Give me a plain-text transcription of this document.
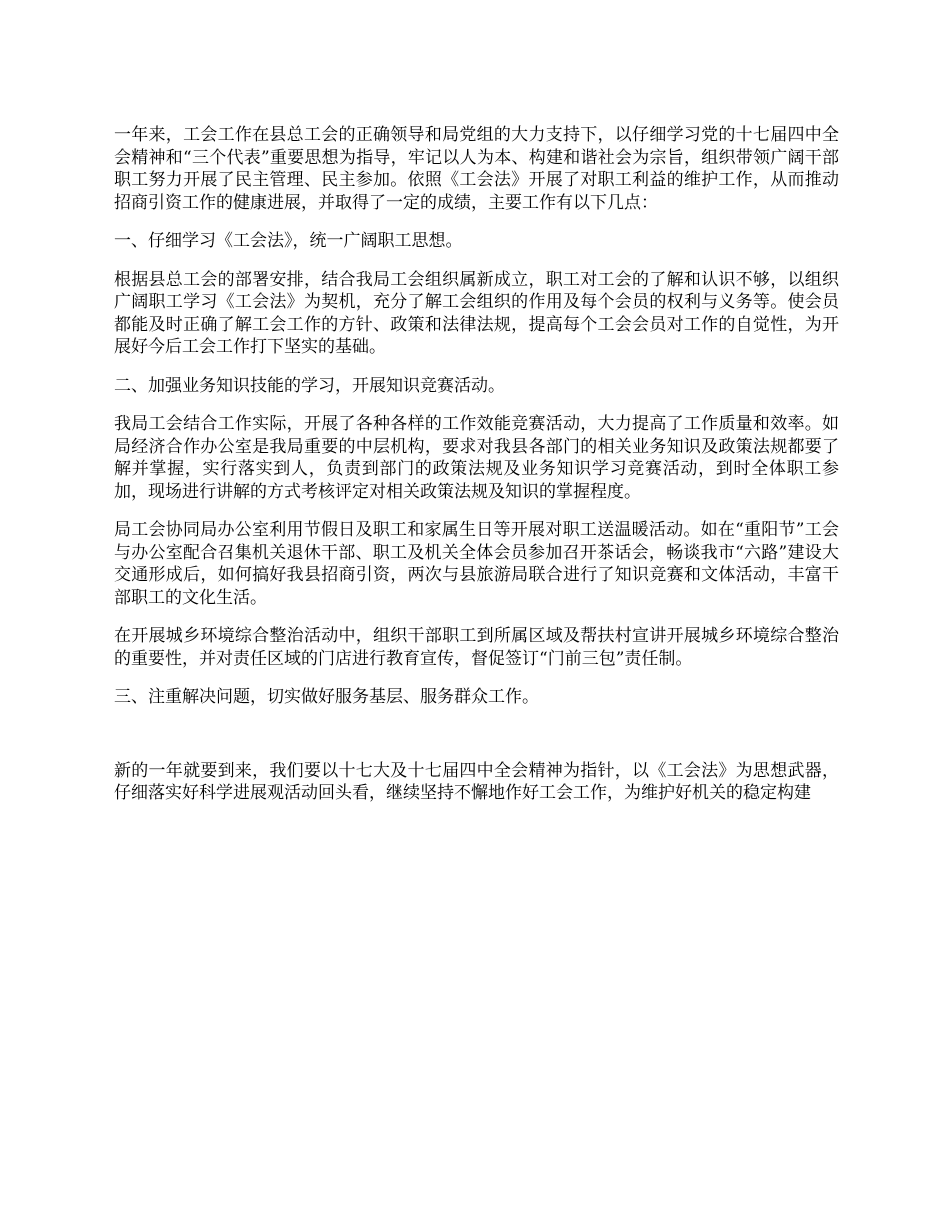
一年来，工会工作在县总工会的正确领导和局党组的大力支持下，以仔细学习党的十七届四中全会精神和“三个代表”重要思想为指导，牢记以人为本、构建和谐社会为宗旨，组织带领广阔干部职工努力开展了民主管理、民主参加。依照《工会法》开展了对职工利益的维护工作，从而推动招商引资工作的健康进展，并取得了一定的成绩，主要工作有以下几点：

一、仔细学习《工会法》，统一广阔职工思想。

根据县总工会的部署安排，结合我局工会组织属新成立，职工对工会的了解和认识不够，以组织广阔职工学习《工会法》为契机，充分了解工会组织的作用及每个会员的权利与义务等。使会员都能及时正确了解工会工作的方针、政策和法律法规，提高每个工会会员对工作的自觉性，为开展好今后工会工作打下坚实的基础。

二、加强业务知识技能的学习，开展知识竞赛活动。

我局工会结合工作实际，开展了各种各样的工作效能竞赛活动，大力提高了工作质量和效率。如局经济合作办公室是我局重要的中层机构，要求对我县各部门的相关业务知识及政策法规都要了解并掌握，实行落实到人，负责到部门的政策法规及业务知识学习竞赛活动，到时全体职工参加，现场进行讲解的方式考核评定对相关政策法规及知识的掌握程度。

局工会协同局办公室利用节假日及职工和家属生日等开展对职工送温暖活动。如在“重阳节”工会与办公室配合召集机关退休干部、职工及机关全体会员参加召开茶话会，畅谈我市“六路”建设大交通形成后，如何搞好我县招商引资，两次与县旅游局联合进行了知识竞赛和文体活动，丰富干部职工的文化生活。

在开展城乡环境综合整治活动中，组织干部职工到所属区域及帮扶村宣讲开展城乡环境综合整治的重要性，并对责任区域的门店进行教育宣传，督促签订“门前三包”责任制。

三、注重解决问题，切实做好服务基层、服务群众工作。

新的一年就要到来，我们要以十七大及十七届四中全会精神为指针，以《工会法》为思想武器，仔细落实好科学进展观活动回头看，继续坚持不懈地作好工会工作，为维护好机关的稳定构建
